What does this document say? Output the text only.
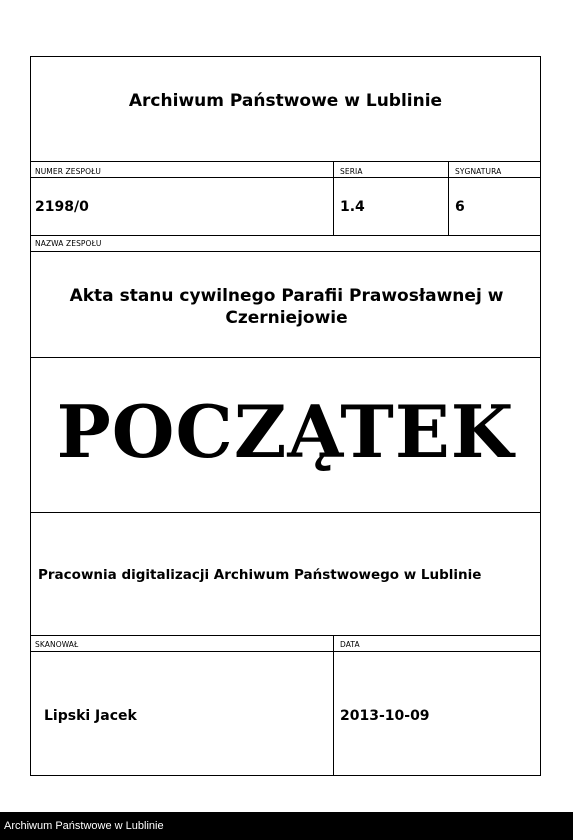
Archiwum Państwowe w Lublinie
NUMER ZESPOŁU	SERIA	SYGNATURA
2198/0	1.4	6
NAZWA ZESPOŁU
Akta stanu cywilnego Parafii Prawosławnej w Czerniejowie
POCZĄTEK
Pracownia digitalizacji Archiwum Państwowego w Lublinie
SKANOWAŁ	DATA
Lipski Jacek	2013-10-09
Archiwum Państwowe w Lublinie
